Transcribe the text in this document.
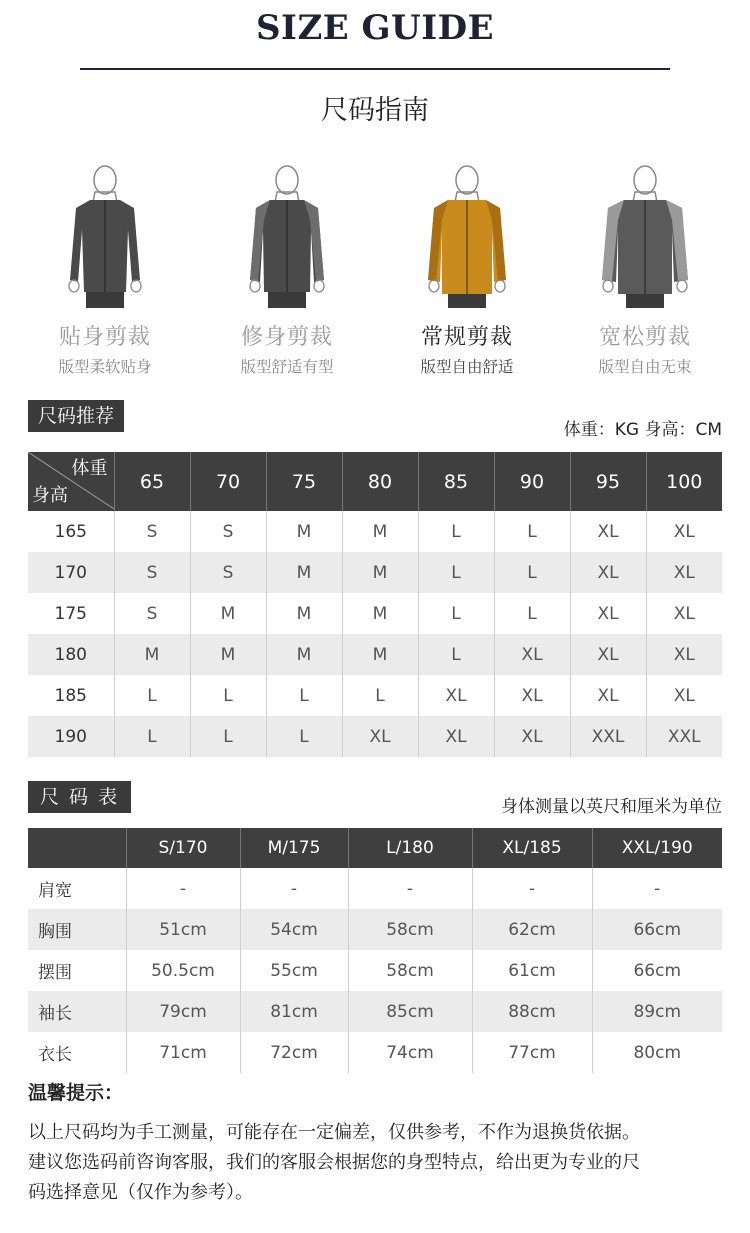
SIZE GUIDE
尺码指南
贴身剪裁
版型柔软贴身
修身剪裁
版型舒适有型
常规剪裁
版型自由舒适
宽松剪裁
版型自由无束
尺码推荐
体重：KG 身高：CM
体重
身高	65	70	75	80	85	90	95	100
165	S	S	M	M	L	L	XL	XL
170	S	S	M	M	L	L	XL	XL
175	S	M	M	M	L	L	XL	XL
180	M	M	M	M	L	XL	XL	XL
185	L	L	L	L	XL	XL	XL	XL
190	L	L	L	XL	XL	XL	XXL	XXL
尺 码 表	身体测量以英尺和厘米为单位
	S/170	M/175	L/180	XL/185	XXL/190
肩宽	-	-	-	-	-
胸围	51cm	54cm	58cm	62cm	66cm
摆围	50.5cm	55cm	58cm	61cm	66cm
袖长	79cm	81cm	85cm	88cm	89cm
衣长	71cm	72cm	74cm	77cm	80cm
温馨提示：
以上尺码均为手工测量，可能存在一定偏差，仅供参考，不作为退换货依据。
建议您选码前咨询客服，我们的客服会根据您的身型特点，给出更为专业的尺
码选择意见（仅作为参考）。
